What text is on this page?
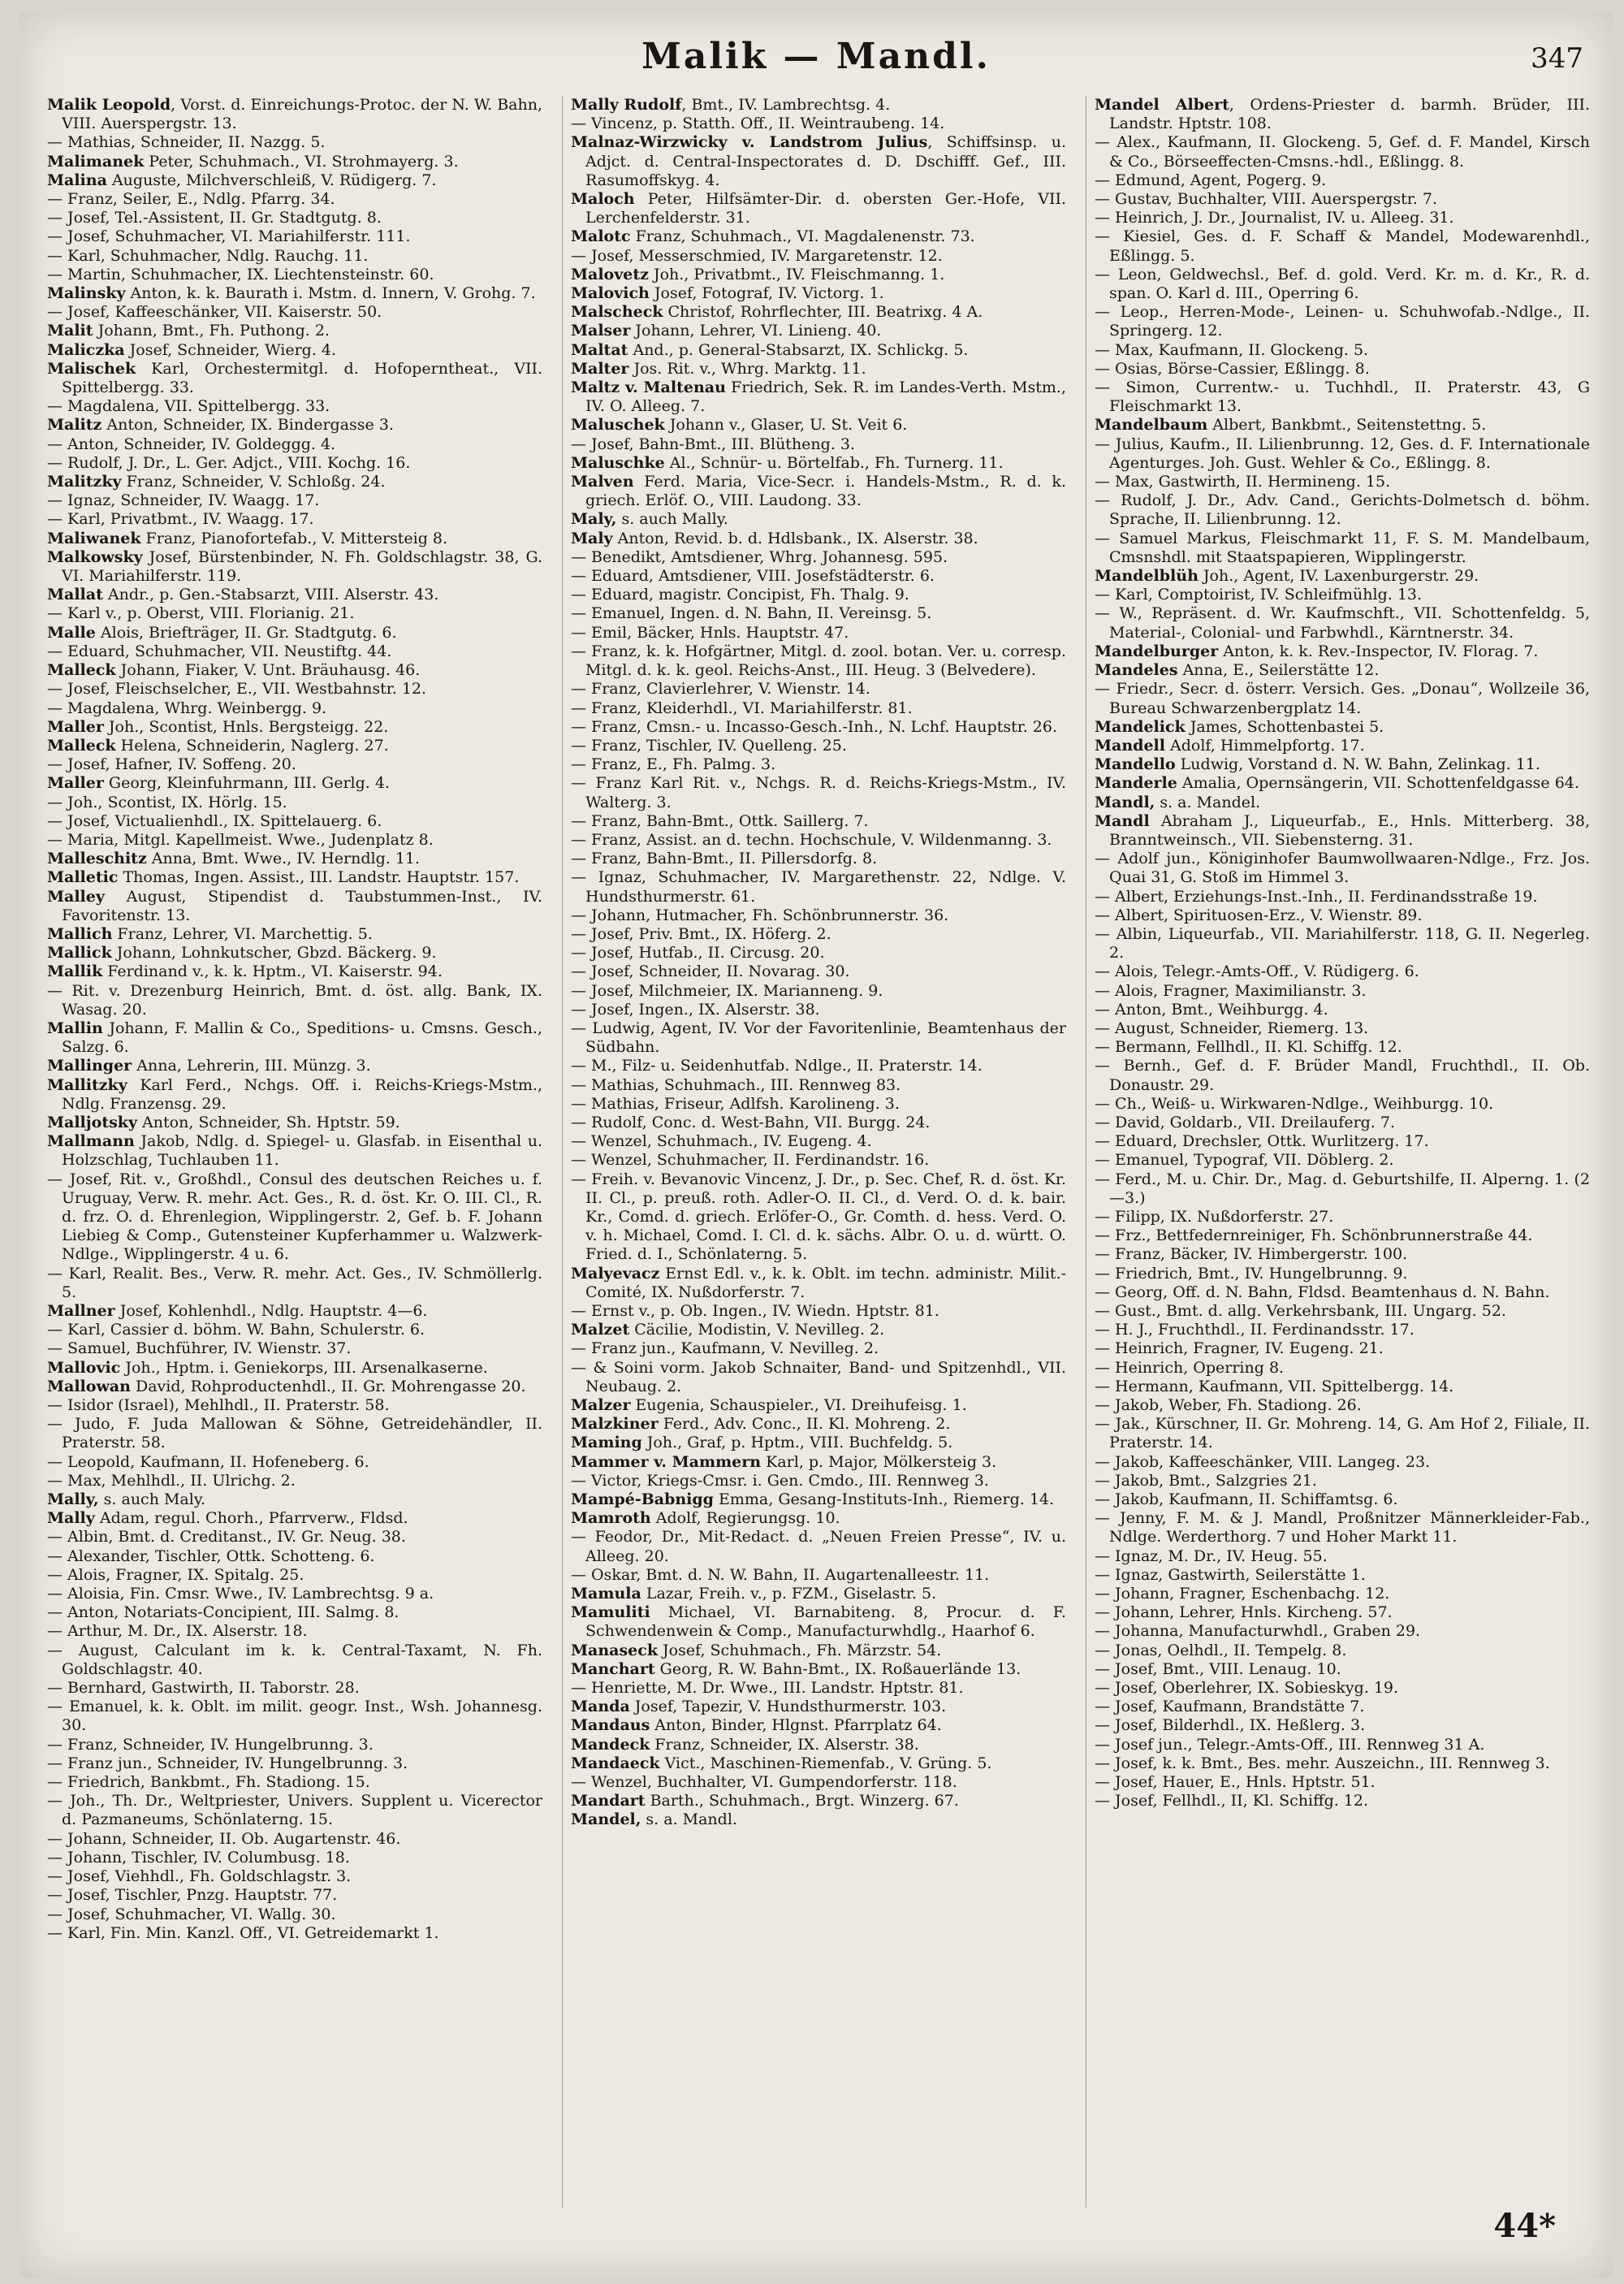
Malik — Mandl.	347

Malik Leopold, Vorst. d. Einreichungs-Protoc. der N. W. Bahn, VIII. Auerspergstr. 13.

— Mathias, Schneider, II. Nazgg. 5.

Malimanek Peter, Schuhmach., VI. Strohmayerg. 3.

Malina Auguste, Milchverschleiß, V. Rüdigerg. 7.

— Franz, Seiler, E., Ndlg. Pfarrg. 34.

— Josef, Tel.-Assistent, II. Gr. Stadtgutg. 8.

— Josef, Schuhmacher, VI. Mariahilferstr. 111.

— Karl, Schuhmacher, Ndlg. Rauchg. 11.

— Martin, Schuhmacher, IX. Liechtensteinstr. 60.

Malinsky Anton, k. k. Baurath i. Mstm. d. Innern, V. Grohg. 7.

— Josef, Kaffeeschänker, VII. Kaiserstr. 50.

Malit Johann, Bmt., Fh. Puthong. 2.

Maliczka Josef, Schneider, Wierg. 4.

Malischek Karl, Orchestermitgl. d. Hofoperntheat., VII. Spittelbergg. 33.

— Magdalena, VII. Spittelbergg. 33.

Malitz Anton, Schneider, IX. Bindergasse 3.

— Anton, Schneider, IV. Goldeggg. 4.

— Rudolf, J. Dr., L. Ger. Adjct., VIII. Kochg. 16.

Malitzky Franz, Schneider, V. Schloßg. 24.

— Ignaz, Schneider, IV. Waagg. 17.

— Karl, Privatbmt., IV. Waagg. 17.

Maliwanek Franz, Pianofortefab., V. Mittersteig 8.

Malkowsky Josef, Bürstenbinder, N. Fh. Goldschlagstr. 38, G. VI. Mariahilferstr. 119.

Mallat Andr., p. Gen.-Stabsarzt, VIII. Alserstr. 43.

— Karl v., p. Oberst, VIII. Florianig. 21.

Malle Alois, Briefträger, II. Gr. Stadtgutg. 6.

— Eduard, Schuhmacher, VII. Neustiftg. 44.

Malleck Johann, Fiaker, V. Unt. Bräuhausg. 46.

— Josef, Fleischselcher, E., VII. Westbahnstr. 12.

— Magdalena, Whrg. Weinbergg. 9.

Maller Joh., Scontist, Hnls. Bergsteigg. 22.

Malleck Helena, Schneiderin, Naglerg. 27.

— Josef, Hafner, IV. Soffeng. 20.

Maller Georg, Kleinfuhrmann, III. Gerlg. 4.

— Joh., Scontist, IX. Hörlg. 15.

— Josef, Victualienhdl., IX. Spittelauerg. 6.

— Maria, Mitgl. Kapellmeist. Wwe., Judenplatz 8.

Malleschitz Anna, Bmt. Wwe., IV. Herndlg. 11.

Malletic Thomas, Ingen. Assist., III. Landstr. Hauptstr. 157.

Malley August, Stipendist d. Taubstummen-Inst., IV. Favoritenstr. 13.

Mallich Franz, Lehrer, VI. Marchettig. 5.

Mallick Johann, Lohnkutscher, Gbzd. Bäckerg. 9.

Mallik Ferdinand v., k. k. Hptm., VI. Kaiserstr. 94.

— Rit. v. Drezenburg Heinrich, Bmt. d. öst. allg. Bank, IX. Wasag. 20.

Mallin Johann, F. Mallin & Co., Speditions- u. Cmsns. Gesch., Salzg. 6.

Mallinger Anna, Lehrerin, III. Münzg. 3.

Mallitzky Karl Ferd., Nchgs. Off. i. Reichs-Kriegs-Mstm., Ndlg. Franzensg. 29.

Malljotsky Anton, Schneider, Sh. Hptstr. 59.

Mallmann Jakob, Ndlg. d. Spiegel- u. Glasfab. in Eisenthal u. Holzschlag, Tuchlauben 11.

— Josef, Rit. v., Großhdl., Consul des deutschen Reiches u. f. Uruguay, Verw. R. mehr. Act. Ges., R. d. öst. Kr. O. III. Cl., R. d. frz. O. d. Ehrenlegion, Wipplingerstr. 2, Gef. b. F. Johann Liebieg & Comp., Gutensteiner Kupferhammer u. Walzwerk-Ndlge., Wipplingerstr. 4 u. 6.

— Karl, Realit. Bes., Verw. R. mehr. Act. Ges., IV. Schmöllerlg. 5.

Mallner Josef, Kohlenhdl., Ndlg. Hauptstr. 4—6.

— Karl, Cassier d. böhm. W. Bahn, Schulerstr. 6.

— Samuel, Buchführer, IV. Wienstr. 37.

Mallovic Joh., Hptm. i. Geniekorps, III. Arsenalkaserne.

Mallowan David, Rohproductenhdl., II. Gr. Mohrengasse 20.

— Isidor (Israel), Mehlhdl., II. Praterstr. 58.

— Judo, F. Juda Mallowan & Söhne, Getreidehändler, II. Praterstr. 58.

— Leopold, Kaufmann, II. Hofeneberg. 6.

— Max, Mehlhdl., II. Ulrichg. 2.

Mally, s. auch Maly.

Mally Adam, regul. Chorh., Pfarrverw., Fldsd.

— Albin, Bmt. d. Creditanst., IV. Gr. Neug. 38.

— Alexander, Tischler, Ottk. Schotteng. 6.

— Alois, Fragner, IX. Spitalg. 25.

— Aloisia, Fin. Cmsr. Wwe., IV. Lambrechtsg. 9 a.

— Anton, Notariats-Concipient, III. Salmg. 8.

— Arthur, M. Dr., IX. Alserstr. 18.

— August, Calculant im k. k. Central-Taxamt, N. Fh. Goldschlagstr. 40.

— Bernhard, Gastwirth, II. Taborstr. 28.

— Emanuel, k. k. Oblt. im milit. geogr. Inst., Wsh. Johannesg. 30.

— Franz, Schneider, IV. Hungelbrunng. 3.

— Franz jun., Schneider, IV. Hungelbrunng. 3.

— Friedrich, Bankbmt., Fh. Stadiong. 15.

— Joh., Th. Dr., Weltpriester, Univers. Supplent u. Vicerector d. Pazmaneums, Schönlaterng. 15.

— Johann, Schneider, II. Ob. Augartenstr. 46.

— Johann, Tischler, IV. Columbusg. 18.

— Josef, Viehhdl., Fh. Goldschlagstr. 3.

— Josef, Tischler, Pnzg. Hauptstr. 77.

— Josef, Schuhmacher, VI. Wallg. 30.

— Karl, Fin. Min. Kanzl. Off., VI. Getreidemarkt 1.

Mally Rudolf, Bmt., IV. Lambrechtsg. 4.

— Vincenz, p. Statth. Off., II. Weintraubeng. 14.

Malnaz-Wirzwicky v. Landstrom Julius, Schiffsinsp. u. Adjct. d. Central-Inspectorates d. D. Dschifff. Gef., III. Rasumoffskyg. 4.

Maloch Peter, Hilfsämter-Dir. d. obersten Ger.-Hofe, VII. Lerchenfelderstr. 31.

Malotc Franz, Schuhmach., VI. Magdalenenstr. 73.

— Josef, Messerschmied, IV. Margaretenstr. 12.

Malovetz Joh., Privatbmt., IV. Fleischmanng. 1.

Malovich Josef, Fotograf, IV. Victorg. 1.

Malscheck Christof, Rohrflechter, III. Beatrixg. 4 A.

Malser Johann, Lehrer, VI. Linieng. 40.

Maltat And., p. General-Stabsarzt, IX. Schlickg. 5.

Malter Jos. Rit. v., Whrg. Marktg. 11.

Maltz v. Maltenau Friedrich, Sek. R. im Landes-Verth. Mstm., IV. O. Alleeg. 7.

Maluschek Johann v., Glaser, U. St. Veit 6.

— Josef, Bahn-Bmt., III. Blütheng. 3.

Maluschke Al., Schnür- u. Börtelfab., Fh. Turnerg. 11.

Malven Ferd. Maria, Vice-Secr. i. Handels-Mstm., R. d. k. griech. Erlöf. O., VIII. Laudong. 33.

Maly, s. auch Mally.

Maly Anton, Revid. b. d. Hdlsbank., IX. Alserstr. 38.

— Benedikt, Amtsdiener, Whrg. Johannesg. 595.

— Eduard, Amtsdiener, VIII. Josefstädterstr. 6.

— Eduard, magistr. Concipist, Fh. Thalg. 9.

— Emanuel, Ingen. d. N. Bahn, II. Vereinsg. 5.

— Emil, Bäcker, Hnls. Hauptstr. 47.

— Franz, k. k. Hofgärtner, Mitgl. d. zool. botan. Ver. u. corresp. Mitgl. d. k. k. geol. Reichs-Anst., III. Heug. 3 (Belvedere).

— Franz, Clavierlehrer, V. Wienstr. 14.

— Franz, Kleiderhdl., VI. Mariahilferstr. 81.

— Franz, Cmsn.- u. Incasso-Gesch.-Inh., N. Lchf. Hauptstr. 26.

— Franz, Tischler, IV. Quelleng. 25.

— Franz, E., Fh. Palmg. 3.

— Franz Karl Rit. v., Nchgs. R. d. Reichs-Kriegs-Mstm., IV. Walterg. 3.

— Franz, Bahn-Bmt., Ottk. Saillerg. 7.

— Franz, Assist. an d. techn. Hochschule, V. Wildenmanng. 3.

— Franz, Bahn-Bmt., II. Pillersdorfg. 8.

— Ignaz, Schuhmacher, IV. Margarethenstr. 22, Ndlge. V. Hundsthurmerstr. 61.

— Johann, Hutmacher, Fh. Schönbrunnerstr. 36.

— Josef, Priv. Bmt., IX. Höferg. 2.

— Josef, Hutfab., II. Circusg. 20.

— Josef, Schneider, II. Novarag. 30.

— Josef, Milchmeier, IX. Marianneng. 9.

— Josef, Ingen., IX. Alserstr. 38.

— Ludwig, Agent, IV. Vor der Favoritenlinie, Beamtenhaus der Südbahn.

— M., Filz- u. Seidenhutfab. Ndlge., II. Praterstr. 14.

— Mathias, Schuhmach., III. Rennweg 83.

— Mathias, Friseur, Adlfsh. Karolineng. 3.

— Rudolf, Conc. d. West-Bahn, VII. Burgg. 24.

— Wenzel, Schuhmach., IV. Eugeng. 4.

— Wenzel, Schuhmacher, II. Ferdinandstr. 16.

— Freih. v. Bevanovic Vincenz, J. Dr., p. Sec. Chef, R. d. öst. Kr. II. Cl., p. preuß. roth. Adler-O. II. Cl., d. Verd. O. d. k. bair. Kr., Comd. d. griech. Erlöfer-O., Gr. Comth. d. hess. Verd. O. v. h. Michael, Comd. I. Cl. d. k. sächs. Albr. O. u. d. württ. O. Fried. d. I., Schönlaterng. 5.

Malyevacz Ernst Edl. v., k. k. Oblt. im techn. administr. Milit.-Comité, IX. Nußdorferstr. 7.

— Ernst v., p. Ob. Ingen., IV. Wiedn. Hptstr. 81.

Malzet Cäcilie, Modistin, V. Nevilleg. 2.

— Franz jun., Kaufmann, V. Nevilleg. 2.

— & Soini vorm. Jakob Schnaiter, Band- und Spitzenhdl., VII. Neubaug. 2.

Malzer Eugenia, Schauspieler., VI. Dreihufeisg. 1.

Malzkiner Ferd., Adv. Conc., II. Kl. Mohreng. 2.

Maming Joh., Graf, p. Hptm., VIII. Buchfeldg. 5.

Mammer v. Mammern Karl, p. Major, Mölkersteig 3.

— Victor, Kriegs-Cmsr. i. Gen. Cmdo., III. Rennweg 3.

Mampé-Babnigg Emma, Gesang-Instituts-Inh., Riemerg. 14.

Mamroth Adolf, Regierungsg. 10.

— Feodor, Dr., Mit-Redact. d. „Neuen Freien Presse“, IV. u. Alleeg. 20.

— Oskar, Bmt. d. N. W. Bahn, II. Augartenalleestr. 11.

Mamula Lazar, Freih. v., p. FZM., Giselastr. 5.

Mamuliti Michael, VI. Barnabiteng. 8, Procur. d. F. Schwendenwein & Comp., Manufacturwhdlg., Haarhof 6.

Manaseck Josef, Schuhmach., Fh. Märzstr. 54.

Manchart Georg, R. W. Bahn-Bmt., IX. Roßauerlände 13.

— Henriette, M. Dr. Wwe., III. Landstr. Hptstr. 81.

Manda Josef, Tapezir, V. Hundsthurmerstr. 103.

Mandaus Anton, Binder, Hlgnst. Pfarrplatz 64.

Mandeck Franz, Schneider, IX. Alserstr. 38.

Mandaeck Vict., Maschinen-Riemenfab., V. Grüng. 5.

— Wenzel, Buchhalter, VI. Gumpendorferstr. 118.

Mandart Barth., Schuhmach., Brgt. Winzerg. 67.

Mandel, s. a. Mandl.

Mandel Albert, Ordens-Priester d. barmh. Brüder, III. Landstr. Hptstr. 108.

— Alex., Kaufmann, II. Glockeng. 5, Gef. d. F. Mandel, Kirsch & Co., Börseeffecten-Cmsns.-hdl., Eßlingg. 8.

— Edmund, Agent, Pogerg. 9.

— Gustav, Buchhalter, VIII. Auerspergstr. 7.

— Heinrich, J. Dr., Journalist, IV. u. Alleeg. 31.

— Kiesiel, Ges. d. F. Schaff & Mandel, Modewarenhdl., Eßlingg. 5.

— Leon, Geldwechsl., Bef. d. gold. Verd. Kr. m. d. Kr., R. d. span. O. Karl d. III., Operring 6.

— Leop., Herren-Mode-, Leinen- u. Schuhwofab.-Ndlge., II. Springerg. 12.

— Max, Kaufmann, II. Glockeng. 5.

— Osias, Börse-Cassier, Eßlingg. 8.

— Simon, Currentw.- u. Tuchhdl., II. Praterstr. 43, G Fleischmarkt 13.

Mandelbaum Albert, Bankbmt., Seitenstettng. 5.

— Julius, Kaufm., II. Lilienbrunng. 12, Ges. d. F. Internationale Agenturges. Joh. Gust. Wehler & Co., Eßlingg. 8.

— Max, Gastwirth, II. Hermineng. 15.

— Rudolf, J. Dr., Adv. Cand., Gerichts-Dolmetsch d. böhm. Sprache, II. Lilienbrunng. 12.

— Samuel Markus, Fleischmarkt 11, F. S. M. Mandelbaum, Cmsnshdl. mit Staatspapieren, Wipplingerstr.

Mandelblüh Joh., Agent, IV. Laxenburgerstr. 29.

— Karl, Comptoirist, IV. Schleifmühlg. 13.

— W., Repräsent. d. Wr. Kaufmschft., VII. Schottenfeldg. 5, Material-, Colonial- und Farbwhdl., Kärntnerstr. 34.

Mandelburger Anton, k. k. Rev.-Inspector, IV. Florag. 7.

Mandeles Anna, E., Seilerstätte 12.

— Friedr., Secr. d. österr. Versich. Ges. „Donau“, Wollzeile 36, Bureau Schwarzenbergplatz 14.

Mandelick James, Schottenbastei 5.

Mandell Adolf, Himmelpfortg. 17.

Mandello Ludwig, Vorstand d. N. W. Bahn, Zelinkag. 11.

Manderle Amalia, Opernsängerin, VII. Schottenfeldgasse 64.

Mandl, s. a. Mandel.

Mandl Abraham J., Liqueurfab., E., Hnls. Mitterberg. 38, Branntweinsch., VII. Siebensterng. 31.

— Adolf jun., Königinhofer Baumwollwaaren-Ndlge., Frz. Jos. Quai 31, G. Stoß im Himmel 3.

— Albert, Erziehungs-Inst.-Inh., II. Ferdinandsstraße 19.

— Albert, Spirituosen-Erz., V. Wienstr. 89.

— Albin, Liqueurfab., VII. Mariahilferstr. 118, G. II. Negerleg. 2.

— Alois, Telegr.-Amts-Off., V. Rüdigerg. 6.

— Alois, Fragner, Maximilianstr. 3.

— Anton, Bmt., Weihburgg. 4.

— August, Schneider, Riemerg. 13.

— Bermann, Fellhdl., II. Kl. Schiffg. 12.

— Bernh., Gef. d. F. Brüder Mandl, Fruchthdl., II. Ob. Donaustr. 29.

— Ch., Weiß- u. Wirkwaren-Ndlge., Weihburgg. 10.

— David, Goldarb., VII. Dreilauferg. 7.

— Eduard, Drechsler, Ottk. Wurlitzerg. 17.

— Emanuel, Typograf, VII. Döblerg. 2.

— Ferd., M. u. Chir. Dr., Mag. d. Geburtshilfe, II. Alperng. 1. (2—3.)

— Filipp, IX. Nußdorferstr. 27.

— Frz., Bettfedernreiniger, Fh. Schönbrunnerstraße 44.

— Franz, Bäcker, IV. Himbergerstr. 100.

— Friedrich, Bmt., IV. Hungelbrunng. 9.

— Georg, Off. d. N. Bahn, Fldsd. Beamtenhaus d. N. Bahn.

— Gust., Bmt. d. allg. Verkehrsbank, III. Ungarg. 52.

— H. J., Fruchthdl., II. Ferdinandsstr. 17.

— Heinrich, Fragner, IV. Eugeng. 21.

— Heinrich, Operring 8.

— Hermann, Kaufmann, VII. Spittelbergg. 14.

— Jakob, Weber, Fh. Stadiong. 26.

— Jak., Kürschner, II. Gr. Mohreng. 14, G. Am Hof 2, Filiale, II. Praterstr. 14.

— Jakob, Kaffeeschänker, VIII. Langeg. 23.

— Jakob, Bmt., Salzgries 21.

— Jakob, Kaufmann, II. Schiffamtsg. 6.

— Jenny, F. M. & J. Mandl, Proßnitzer Männerkleider-Fab., Ndlge. Werderthorg. 7 und Hoher Markt 11.

— Ignaz, M. Dr., IV. Heug. 55.

— Ignaz, Gastwirth, Seilerstätte 1.

— Johann, Fragner, Eschenbachg. 12.

— Johann, Lehrer, Hnls. Kircheng. 57.

— Johanna, Manufacturwhdl., Graben 29.

— Jonas, Oelhdl., II. Tempelg. 8.

— Josef, Bmt., VIII. Lenaug. 10.

— Josef, Oberlehrer, IX. Sobieskyg. 19.

— Josef, Kaufmann, Brandstätte 7.

— Josef, Bilderhdl., IX. Heßlerg. 3.

— Josef jun., Telegr.-Amts-Off., III. Rennweg 31 A.

— Josef, k. k. Bmt., Bes. mehr. Auszeichn., III. Rennweg 3.

— Josef, Hauer, E., Hnls. Hptstr. 51.

— Josef, Fellhdl., II, Kl. Schiffg. 12.

44*
